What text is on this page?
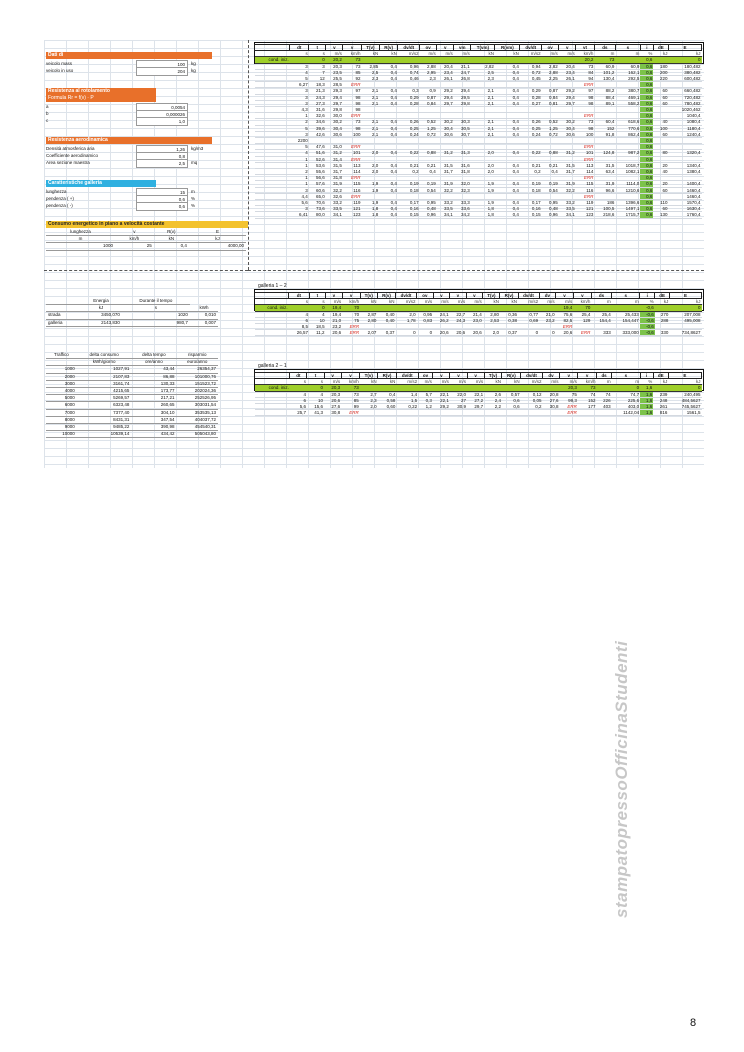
Dati di
veicolo mass	100	kg
veicolo in uso	204	kg
Resistenza al rotolamento
Formula Rr = f(v) · P
a	0,0054
b	0,000026
c	1,0
Resistenza aerodinamica
Densità atmosferica aria	1,26	kg/m3
Coefficiente aerodinamico	0,8
Area sezione maestra	2,5	mq
Caratteristiche galleria
lunghezza	15	m
pendenza ( +)	0,6	%
pendenza ( -)	0,6	%
Consumo energetico in piano a velocità costante
lunghezza	v	R(v)	E
m	km/h	kN	kJ
1000	25	0,4	4000,00
	Energia	Durante il tempo	
	kJ	s	kWh
strada	3450,070	1020	0,010
galleria	2143,830	980,7	0,007
Traffico	delta consumo	delta tempo	risparmio
	kWh/giorno	ore/anno	euro/anno
1000	1027,91	43,44	26354,37
2000	2107,83	86,88	101000,76
3000	3161,74	130,33	151523,72
4000	4215,65	173,77	202024,36
5000	5269,57	217,21	252526,95
6000	6323,48	260,65	303031,54
7000	7377,40	304,10	353535,13
8000	8431,31	347,54	404037,72
9000	9485,22	390,98	454540,31
10000	10539,14	434,42	505043,80
	dt	t	v	v	T(v)	R(v)	dv/dt	ov	v	vm	T(vm)	R(vm)	dv/dt	ov	v	vt	ds	s	i	dE	E
	s	s	m/s	km/h	kN	kN	m/s2	m/s	m/s	m/s	kN	kN	m/s2	m/s	m/s	km/h	m	m	%	kJ	kJ
cond. iniz.		0	20,2	73												20,2	73		0,6		0
	3	3	20,3	73	2,85	0,4	0,96	2,88	20,4	21,1	2,82	0,4	0,94	2,82	20,4	73	60,9	60,9	0,6	180	180,482
	4	7	23,5	85	2,5	0,4	0,74	2,95	23,4	24,7	2,5	0,4	0,72	2,88	23,4	84	101,2	162,1	0,6	200	380,482
	5	12	25,5	92	2,3	0,4	0,46	2,3	26,1	26,8	2,3	0,4	0,45	2,25	26,1	94	130,4	292,5	0,6	220	600,482
	6,27	18,3	28,5	ERR												ERR			0,6		
	3	21,3	29,3	97	2,1	0,4	0,3	0,9	29,2	29,4	2,1	0,4	0,29	0,87	29,2	97	88,2	380,7	0,6	60	660,482
	3	24,3	29,4	98	2,1	0,4	0,29	0,87	29,4	29,5	2,1	0,4	0,28	0,84	29,4	98	88,4	469,1	0,6	60	720,482
	3	27,3	29,7	98	2,1	0,4	0,28	0,84	29,7	29,8	2,1	0,4	0,27	0,81	29,7	98	89,1	558,2	0,6	60	780,482
	4,3	31,6	29,8	98															0,6		1020,462
	1	32,6	30,0	ERR												ERR			0,6		1040,4
	2	34,6	30,2	73	2,1	0,4	0,26	0,52	30,2	30,3	2,1	0,4	0,26	0,52	30,2	73	60,4	618,6	0,6	40	1080,4
	5	39,6	30,4	98	2,1	0,4	0,25	1,25	30,4	30,5	2,1	0,4	0,25	1,25	30,4	98	152	770,6	0,6	100	1180,4
	3	42,6	30,6	100	2,1	0,4	0,24	0,72	30,6	30,7	2,1	0,4	0,24	0,72	30,6	100	91,8	862,4	0,6	60	1240,4
	2200																		0,6		
	5	47,6	31,0	ERR												ERR			0,6		
	4	51,6	31,2	101	2,0	0,4	0,22	0,88	31,2	31,3	2,0	0,4	0,22	0,88	31,2	101	124,8	987,2	0,6	80	1320,4
	1	52,6	31,4	ERR												ERR			0,6		
	1	53,6	31,5	113	2,0	0,4	0,21	0,21	31,5	31,6	2,0	0,4	0,21	0,21	31,5	113	31,5	1018,7	0,6	20	1340,4
	2	55,6	31,7	114	2,0	0,4	0,2	0,4	31,7	31,8	2,0	0,4	0,2	0,4	31,7	114	63,4	1082,1	0,6	40	1380,4
	1	56,6	31,8	ERR												ERR			0,6		
	1	57,6	31,9	115	1,9	0,4	0,19	0,19	31,9	32,0	1,9	0,4	0,19	0,19	31,9	115	31,9	1114,0	0,6	20	1400,4
	3	60,6	32,2	116	1,9	0,4	0,18	0,54	32,2	32,3	1,9	0,4	0,18	0,54	32,2	116	96,6	1210,6	0,6	60	1460,4
	4,4	65,0	32,6	ERR												ERR			0,6		1460,4
	5,6	70,6	33,2	119	1,9	0,4	0,17	0,95	33,2	33,3	1,9	0,4	0,17	0,95	33,2	119	186	1396,6	0,6	110	1570,4
	3	73,6	33,5	121	1,8	0,4	0,16	0,48	33,5	33,6	1,8	0,4	0,16	0,48	33,5	121	100,5	1497,1	0,6	60	1630,4
	6,41	80,0	34,1	123	1,8	0,4	0,15	0,96	34,1	34,2	1,8	0,4	0,15	0,96	34,1	123	218,6	1715,7	0,6	130	1760,4
galleria 1 – 2
	dt	t	v	v	T(v)	R(v)	dv/dt	ov	v	v	v	T(v)	R(v)	dv/dt	dv	v	v	ds	s	i	dE	E
	s	s	m/s	km/h	kN	kN	m/s2	m/s	m/s	m/s	m/s	kN	kN	m/s2	m/s	m/s	km/h	m	m	%	kJ	kJ
cond. iniz.		0	19,4	70												19,4	70			-0,6		0
	4	4	19,4	70	2,87	0,40	2,0	0,95	24,1	22,7	21,4	2,80	0,36	0,77	21,0	75,6	25,4	25,4	25,433	-0,6	270	207,008
	6	10	21,0	75	2,80	0,40	1,78	0,83	26,2	24,3	23,0	2,53	0,38	0,69	23,2	82,5	129	154,4	154,447	-0,6	288	495,008
	8,5	18,5	23,2	ERR												ERR				-0,6		
	26,57	11,2	20,6	ERR	2,07	0,37	0	0	20,6	20,6	20,6	2,0	0,37	0	0	20,6	ERR	333	333,000	-0,6	330	734,8627
galleria 2 – 1
	dt	t	v	v	T(v)	R(v)	dv/dt	ov	v	v	v	T(v)	R(v)	dv/dt	dv	v	v	ds	s	i	dE	E
	s	s	m/s	km/h	kN	kN	m/s2	m/s	m/s	m/s	m/s	kN	kN	m/s2	m/s	m/s	km/h	m	m	%	kJ	kJ
cond. iniz.		0	20,3	73												20,3	73		0	1,6		0
	4	4	20,3	73	2,7	0,4	1,4	5,7	22,1	22,0	22,1	2,6	0,57	0,12	20,8	75	74	74	74,7	1,6	239	240,495
	6	10	20,6	85	2,3	0,58	1,5	0,3	22,1	27	27,2	2,4	0,6	0,05	27,6	99,3	152	226	225,6	1,6	248	484,5627
	5,6	15,6	27,6	99	2,0	0,60	0,22	1,2	29,2	30,9	29,7	2,2	0,6	0,2	30,8	ERR	177	403	403,0	1,6	261	745,5627
	25,7	41,3	30,8	ERR												ERR			1142,04	1,6	816	1561,5
stampatopressoOfficinaStudenti
8
